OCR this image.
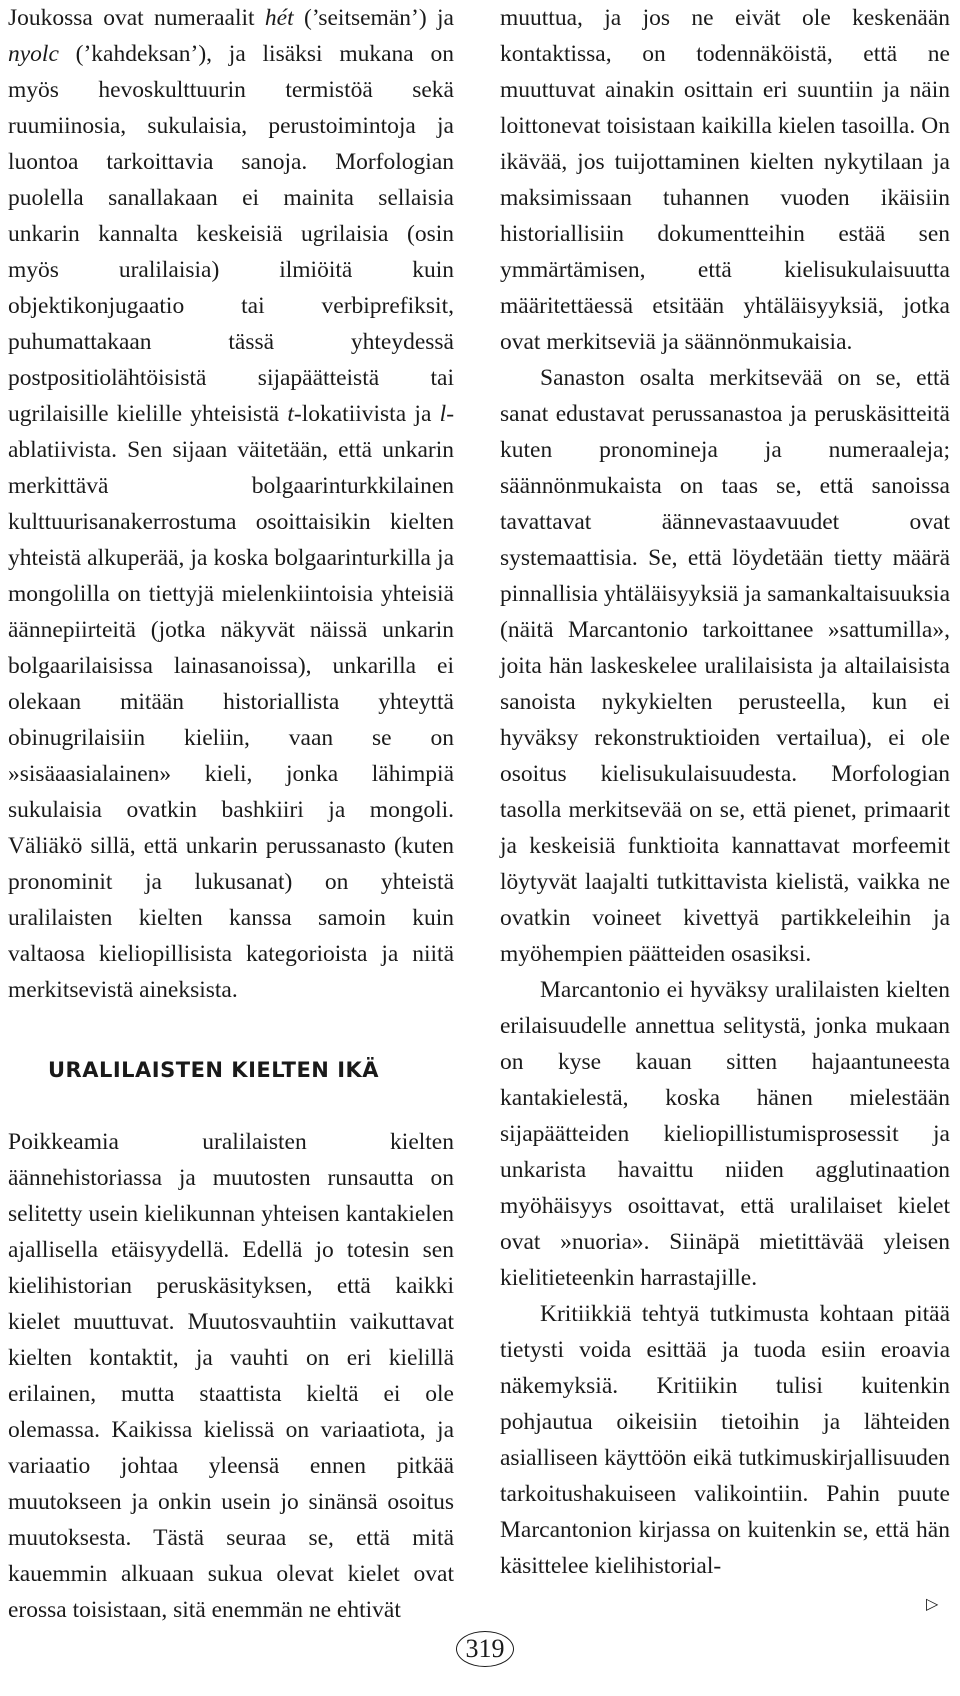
Joukossa ovat numeraalit hét (’seitsemän’) ja nyolc (’kahdeksan’), ja lisäksi mukana on myös hevoskulttuurin termistöä sekä ruumiinosia, sukulaisia, perustoimintoja ja luontoa tarkoittavia sanoja. Morfologian puolella sanallakaan ei mainita sellaisia unkarin kannalta keskeisiä ugrilaisia (osin myös uralilaisia) ilmiöitä kuin objektikonjugaatio tai verbiprefiksit, puhumattakaan tässä yhteydessä postpositiolähtöisistä sijapäätteistä tai ugrilaisille kielille yhteisistä t-lokatiivista ja l-ablatiivista. Sen sijaan väitetään, että unkarin merkittävä bolgaarinturkkilainen kulttuurisanakerrostuma osoittaisikin kielten yhteistä alkuperää, ja koska bolgaarinturkilla ja mongolilla on tiettyjä mielenkiintoisia yhteisiä äännepiirteitä (jotka näkyvät näissä unkarin bolgaarilaisissa lainasanoissa), unkarilla ei olekaan mitään historiallista yhteyttä obinugrilaisiin kieliin, vaan se on »sisäaasialainen» kieli, jonka lähimpiä sukulaisia ovatkin bashkiiri ja mongoli. Väliäkö sillä, että unkarin perussanasto (kuten pronominit ja lukusanat) on yhteistä uralilaisten kielten kanssa samoin kuin valtaosa kieliopillisista kategorioista ja niitä merkitsevistä aineksista.

URALILAISTEN KIELTEN IKÄ

Poikkeamia uralilaisten kielten äännehistoriassa ja muutosten runsautta on selitetty usein kielikunnan yhteisen kantakielen ajallisella etäisyydellä. Edellä jo totesin sen kielihistorian peruskäsityksen, että kaikki kielet muuttuvat. Muutosvauhtiin vaikuttavat kielten kontaktit, ja vauhti on eri kielillä erilainen, mutta staattista kieltä ei ole olemassa. Kaikissa kielissä on variaatiota, ja variaatio johtaa yleensä ennen pitkää muutokseen ja onkin usein jo sinänsä osoitus muutoksesta. Tästä seuraa se, että mitä kauemmin alkuaan sukua olevat kielet ovat erossa toisistaan, sitä enemmän ne ehtivät

muuttua, ja jos ne eivät ole keskenään kontaktissa, on todennäköistä, että ne muuttuvat ainakin osittain eri suuntiin ja näin loittonevat toisistaan kaikilla kielen tasoilla. On ikävää, jos tuijottaminen kielten nykytilaan ja maksimissaan tuhannen vuoden ikäisiin historiallisiin dokumentteihin estää sen ymmärtämisen, että kielisukulaisuutta määritettäessä etsitään yhtäläisyyksiä, jotka ovat merkitseviä ja säännönmukaisia.

Sanaston osalta merkitsevää on se, että sanat edustavat perussanastoa ja peruskäsitteitä kuten pronomineja ja numeraaleja; säännönmukaista on taas se, että sanoissa tavattavat äännevastaavuudet ovat systemaattisia. Se, että löydetään tietty määrä pinnallisia yhtäläisyyksiä ja samankaltaisuuksia (näitä Marcantonio tarkoittanee »sattumilla», joita hän laskeskelee uralilaisista ja altailaisista sanoista nykykielten perusteella, kun ei hyväksy rekonstruktioiden vertailua), ei ole osoitus kielisukulaisuudesta. Morfologian tasolla merkitsevää on se, että pienet, primaarit ja keskeisiä funktioita kannattavat morfeemit löytyvät laajalti tutkittavista kielistä, vaikka ne ovatkin voineet kivettyä partikkeleihin ja myöhempien päätteiden osasiksi.

Marcantonio ei hyväksy uralilaisten kielten erilaisuudelle annettua selitystä, jonka mukaan on kyse kauan sitten hajaantuneesta kantakielestä, koska hänen mielestään sijapäätteiden kieliopillistumisprosessit ja unkarista havaittu niiden agglutinaation myöhäisyys osoittavat, että uralilaiset kielet ovat »nuoria». Siinäpä mietittävää yleisen kielitieteenkin harrastajille.

Kritiikkiä tehtyä tutkimusta kohtaan pitää tietysti voida esittää ja tuoda esiin eroavia näkemyksiä. Kritiikin tulisi kuitenkin pohjautua oikeisiin tietoihin ja lähteiden asialliseen käyttöön eikä tutkimuskirjallisuuden tarkoitushakuiseen valikointiin. Pahin puute Marcantonion kirjassa on kuitenkin se, että hän käsittelee kielihistorial-

▷
319
